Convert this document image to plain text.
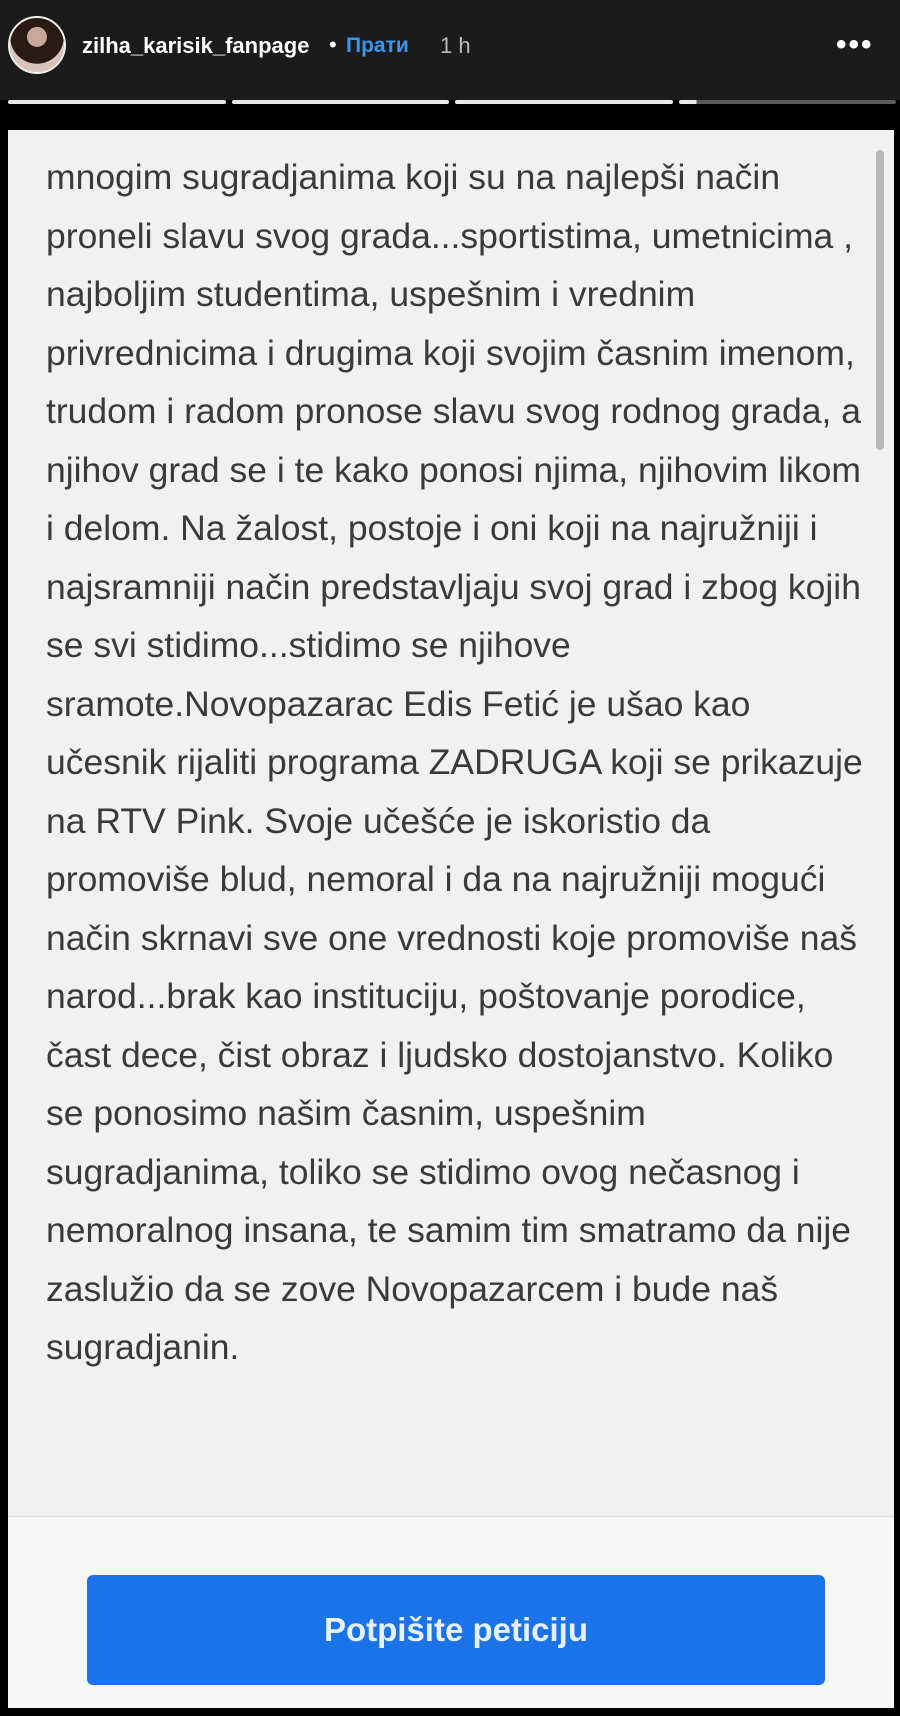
zilha_karisik_fanpage • Прати 1 h	•••

mnogim sugradjanima koji su na najlepši način proneli slavu svog grada...sportistima, umetnicima , najboljim studentima, uspešnim i vrednim privrednicima i drugima koji svojim časnim imenom, trudom i radom pronose slavu svog rodnog grada, a njihov grad se i te kako ponosi njima, njihovim likom i delom. Na žalost, postoje i oni koji na najružniji i najsramniji način predstavljaju svoj grad i zbog kojih se svi stidimo...stidimo se njihove sramote.Novopazarac Edis Fetić je ušao kao učesnik rijaliti programa ZADRUGA koji se prikazuje na RTV Pink. Svoje učešće je iskoristio da promoviše blud, nemoral i da na najružniji mogući način skrnavi sve one vrednosti koje promoviše naš narod...brak kao instituciju, poštovanje porodice, čast dece, čist obraz i ljudsko dostojanstvo. Koliko se ponosimo našim časnim, uspešnim sugradjanima, toliko se stidimo ovog nečasnog i nemoralnog insana, te samim tim smatramo da nije zaslužio da se zove Novopazarcem i bude naš sugradjanin.

Potpišite peticiju
